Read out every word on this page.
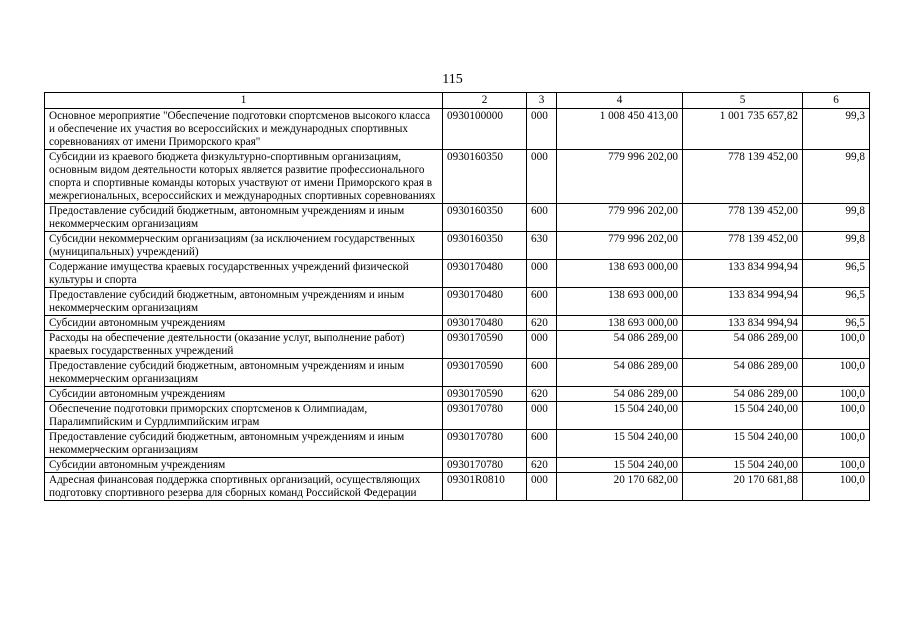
115
1	2	3	4	5	6
Основное мероприятие "Обеспечение подготовки спортсменов высокого класса и обеспечение их участия во всероссийских и международных спортивных соревнованиях от имени Приморского края"	0930100000	000	1 008 450 413,00	1 001 735 657,82	99,3
Субсидии из краевого бюджета физкультурно-спортивным организациям, основным видом деятельности которых является развитие профессионального спорта и спортивные команды которых участвуют от имени Приморского края в межрегиональных, всероссийских и международных спортивных соревнованиях	0930160350	000	779 996 202,00	778 139 452,00	99,8
Предоставление субсидий бюджетным, автономным учреждениям и иным некоммерческим организациям	0930160350	600	779 996 202,00	778 139 452,00	99,8
Субсидии некоммерческим организациям (за исключением государственных (муниципальных) учреждений)	0930160350	630	779 996 202,00	778 139 452,00	99,8
Содержание имущества краевых государственных учреждений физической культуры и спорта	0930170480	000	138 693 000,00	133 834 994,94	96,5
Предоставление субсидий бюджетным, автономным учреждениям и иным некоммерческим организациям	0930170480	600	138 693 000,00	133 834 994,94	96,5
Субсидии автономным учреждениям	0930170480	620	138 693 000,00	133 834 994,94	96,5
Расходы на обеспечение деятельности (оказание услуг, выполнение работ) краевых государственных учреждений	0930170590	000	54 086 289,00	54 086 289,00	100,0
Предоставление субсидий бюджетным, автономным учреждениям и иным некоммерческим организациям	0930170590	600	54 086 289,00	54 086 289,00	100,0
Субсидии автономным учреждениям	0930170590	620	54 086 289,00	54 086 289,00	100,0
Обеспечение подготовки приморских спортсменов к Олимпиадам, Паралимпийским и Сурдлимпийским играм	0930170780	000	15 504 240,00	15 504 240,00	100,0
Предоставление субсидий бюджетным, автономным учреждениям и иным некоммерческим организациям	0930170780	600	15 504 240,00	15 504 240,00	100,0
Субсидии автономным учреждениям	0930170780	620	15 504 240,00	15 504 240,00	100,0
Адресная финансовая поддержка спортивных организаций, осуществляющих подготовку спортивного резерва для сборных команд Российской Федерации	09301R0810	000	20 170 682,00	20 170 681,88	100,0
